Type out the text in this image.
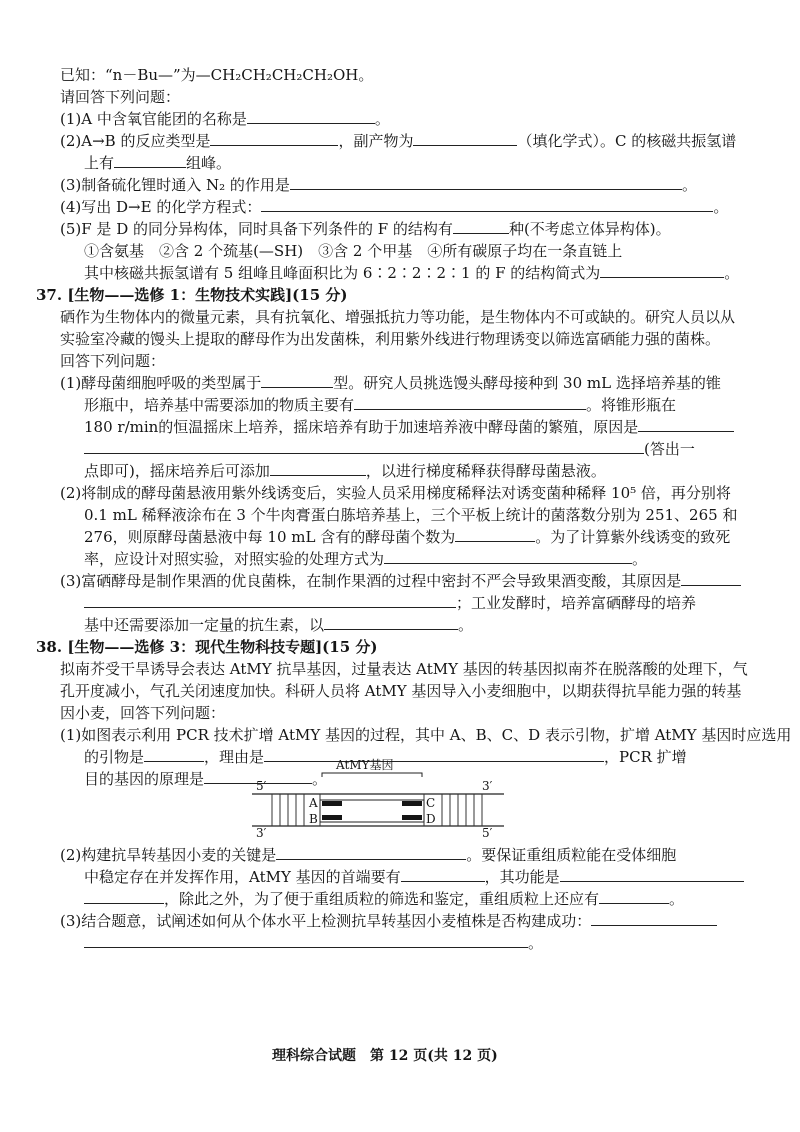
已知：“n－Bu—”为—CH₂CH₂CH₂CH₂OH。
请回答下列问题：
(1)A 中含氧官能团的名称是	。
(2)A→B 的反应类型是	，副产物为	（填化学式）。C 的核磁共振氢谱
上有	组峰。
(3)制备硫化锂时通入 N₂ 的作用是	。
(4)写出 D→E 的化学方程式：	。
(5)F 是 D 的同分异构体，同时具备下列条件的 F 的结构有	种(不考虑立体异构体)。
①含氨基　②含 2 个巯基(—SH)　③含 2 个甲基　④所有碳原子均在一条直链上
其中核磁共振氢谱有 5 组峰且峰面积比为 6∶2∶2∶2∶1 的 F 的结构简式为	。
37. [生物——选修 1：生物技术实践](15 分)
硒作为生物体内的微量元素，具有抗氧化、增强抵抗力等功能，是生物体内不可或缺的。研究人员以从
实验室冷藏的馒头上提取的酵母作为出发菌株，利用紫外线进行物理诱变以筛选富硒能力强的菌株。
回答下列问题：
(1)酵母菌细胞呼吸的类型属于	型。研究人员挑选馒头酵母接种到 30 mL 选择培养基的锥
形瓶中，培养基中需要添加的物质主要有	。将锥形瓶在
180 r/min的恒温摇床上培养，摇床培养有助于加速培养液中酵母菌的繁殖，原因是
(答出一
点即可)，摇床培养后可添加	，以进行梯度稀释获得酵母菌悬液。
(2)将制成的酵母菌悬液用紫外线诱变后，实验人员采用梯度稀释法对诱变菌种稀释 10⁵ 倍，再分别将
0.1 mL 稀释液涂布在 3 个牛肉膏蛋白胨培养基上，三个平板上统计的菌落数分别为 251、265 和
276，则原酵母菌悬液中每 10 mL 含有的酵母菌个数为	。为了计算紫外线诱变的致死
率，应设计对照实验，对照实验的处理方式为	。
(3)富硒酵母是制作果酒的优良菌株，在制作果酒的过程中密封不严会导致果酒变酸，其原因是
；工业发酵时，培养富硒酵母的培养
基中还需要添加一定量的抗生素，以	。
38. [生物——选修 3：现代生物科技专题](15 分)
拟南芥受干旱诱导会表达 AtMY 抗旱基因，过量表达 AtMY 基因的转基因拟南芥在脱落酸的处理下，气
孔开度减小，气孔关闭速度加快。科研人员将 AtMY 基因导入小麦细胞中，以期获得抗旱能力强的转基
因小麦，回答下列问题：
(1)如图表示利用 PCR 技术扩增 AtMY 基因的过程，其中 A、B、C、D 表示引物，扩增 AtMY 基因时应选用
的引物是	，理由是	，PCR 扩增
目的基因的原理是	。
AtMY基因
5′	3′
A
B
C
D
3′	5′
(2)构建抗旱转基因小麦的关键是	。要保证重组质粒能在受体细胞
中稳定存在并发挥作用，AtMY 基因的首端要有	，其功能是
，除此之外，为了便于重组质粒的筛选和鉴定，重组质粒上还应有	。
(3)结合题意，试阐述如何从个体水平上检测抗旱转基因小麦植株是否构建成功：
。
理科综合试题　第 12 页(共 12 页)
